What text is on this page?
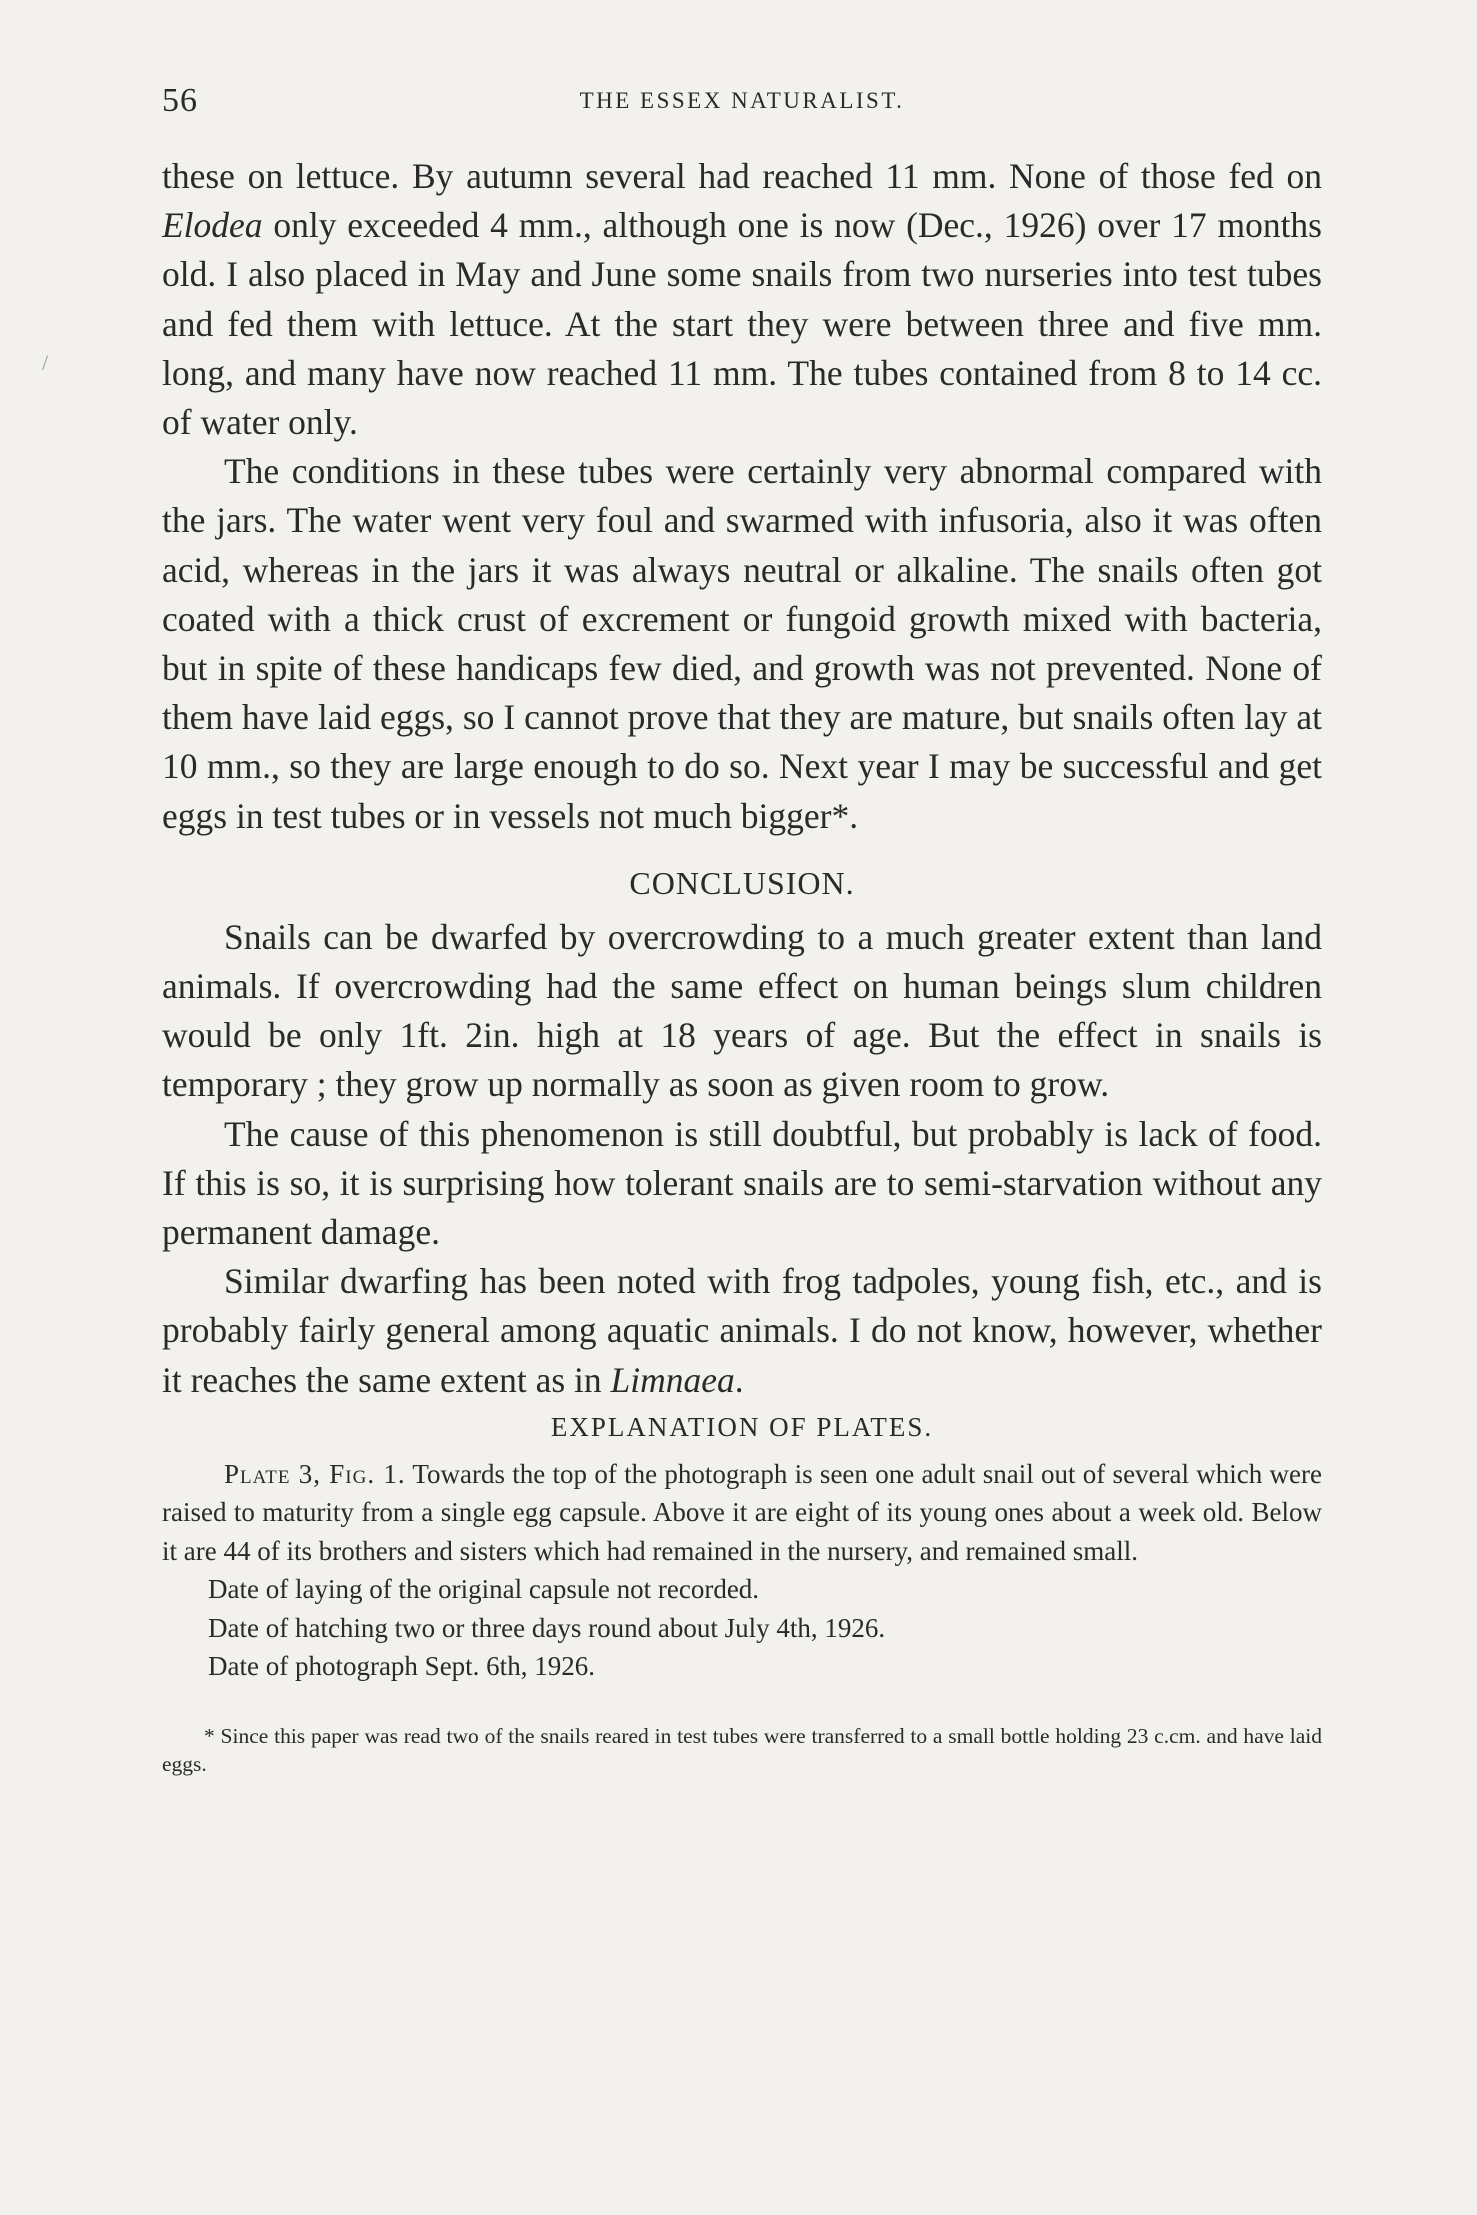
56	THE ESSEX NATURALIST.
/

these on lettuce. By autumn several had reached 11 mm. None of those fed on Elodea only exceeded 4 mm., although one is now (Dec., 1926) over 17 months old. I also placed in May and June some snails from two nurseries into test tubes and fed them with lettuce. At the start they were between three and five mm. long, and many have now reached 11 mm. The tubes contained from 8 to 14 cc. of water only.

The conditions in these tubes were certainly very abnormal compared with the jars. The water went very foul and swarmed with infusoria, also it was often acid, whereas in the jars it was always neutral or alkaline. The snails often got coated with a thick crust of excrement or fungoid growth mixed with bacteria, but in spite of these handicaps few died, and growth was not prevented. None of them have laid eggs, so I cannot prove that they are mature, but snails often lay at 10 mm., so they are large enough to do so. Next year I may be successful and get eggs in test tubes or in vessels not much bigger*.

CONCLUSION.

Snails can be dwarfed by overcrowding to a much greater extent than land animals. If overcrowding had the same effect on human beings slum children would be only 1ft. 2in. high at 18 years of age. But the effect in snails is temporary ; they grow up normally as soon as given room to grow.

The cause of this phenomenon is still doubtful, but probably is lack of food. If this is so, it is surprising how tolerant snails are to semi-starvation without any permanent damage.

Similar dwarfing has been noted with frog tadpoles, young fish, etc., and is probably fairly general among aquatic animals. I do not know, however, whether it reaches the same extent as in Limnaea.

EXPLANATION OF PLATES.

Plate 3, Fig. 1. Towards the top of the photograph is seen one adult snail out of several which were raised to maturity from a single egg capsule. Above it are eight of its young ones about a week old. Below it are 44 of its brothers and sisters which had remained in the nursery, and remained small.

Date of laying of the original capsule not recorded.

Date of hatching two or three days round about July 4th, 1926.

Date of photograph Sept. 6th, 1926.

* Since this paper was read two of the snails reared in test tubes were transferred to a small bottle holding 23 c.cm. and have laid eggs.
